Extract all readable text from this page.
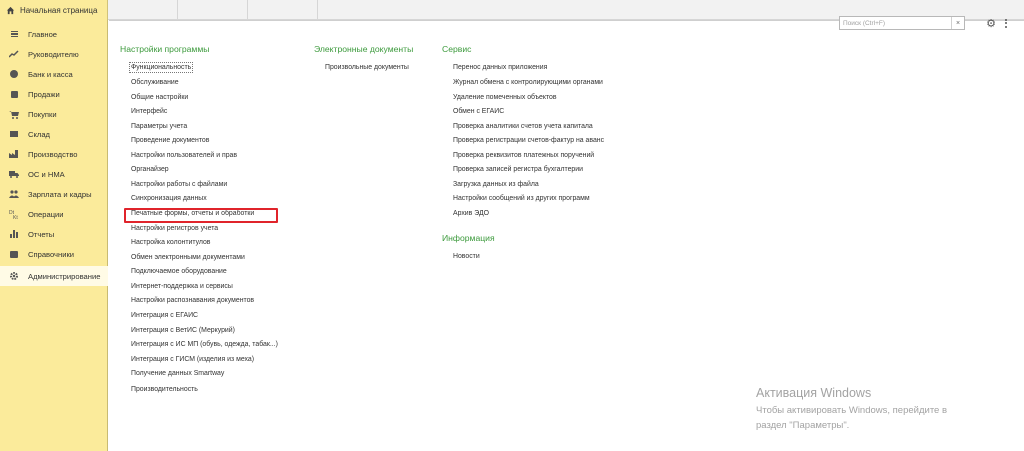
Начальная страница
Главное
Руководителю
Банк и касса
Продажи
Покупки
Склад
Производство
ОС и НМА
Зарплата и кадры
Dt
Kt Операции
Отчеты
Справочники
Администрирование
Поиск (Ctrl+F)
×	⚙
Настройки программы
Функциональность
Обслуживание
Общие настройки
Интерфейс
Параметры учета
Проведение документов
Настройки пользователей и прав
Органайзер
Настройки работы с файлами
Синхронизация данных
Печатные формы, отчеты и обработки
Настройки регистров учета
Настройка колонтитулов
Обмен электронными документами
Подключаемое оборудование
Интернет-поддержка и сервисы
Настройки распознавания документов
Интеграция с ЕГАИС
Интеграция с ВетИС (Меркурий)
Интеграция с ИС МП (обувь, одежда, табак...)
Интеграция с ГИСМ (изделия из меха)
Получение данных Smartway
Производительность
Электронные документы
Произвольные документы
Сервис
Перенос данных приложения
Журнал обмена с контролирующими органами
Удаление помеченных объектов
Обмен с ЕГАИС
Проверка аналитики счетов учета капитала
Проверка регистрации счетов-фактур на аванс
Проверка реквизитов платежных поручений
Проверка записей регистра бухгалтерии
Загрузка данных из файла
Настройки сообщений из других программ
Архив ЭДО
Информация
Новости
Активация Windows
Чтобы активировать Windows, перейдите в
раздел "Параметры".
